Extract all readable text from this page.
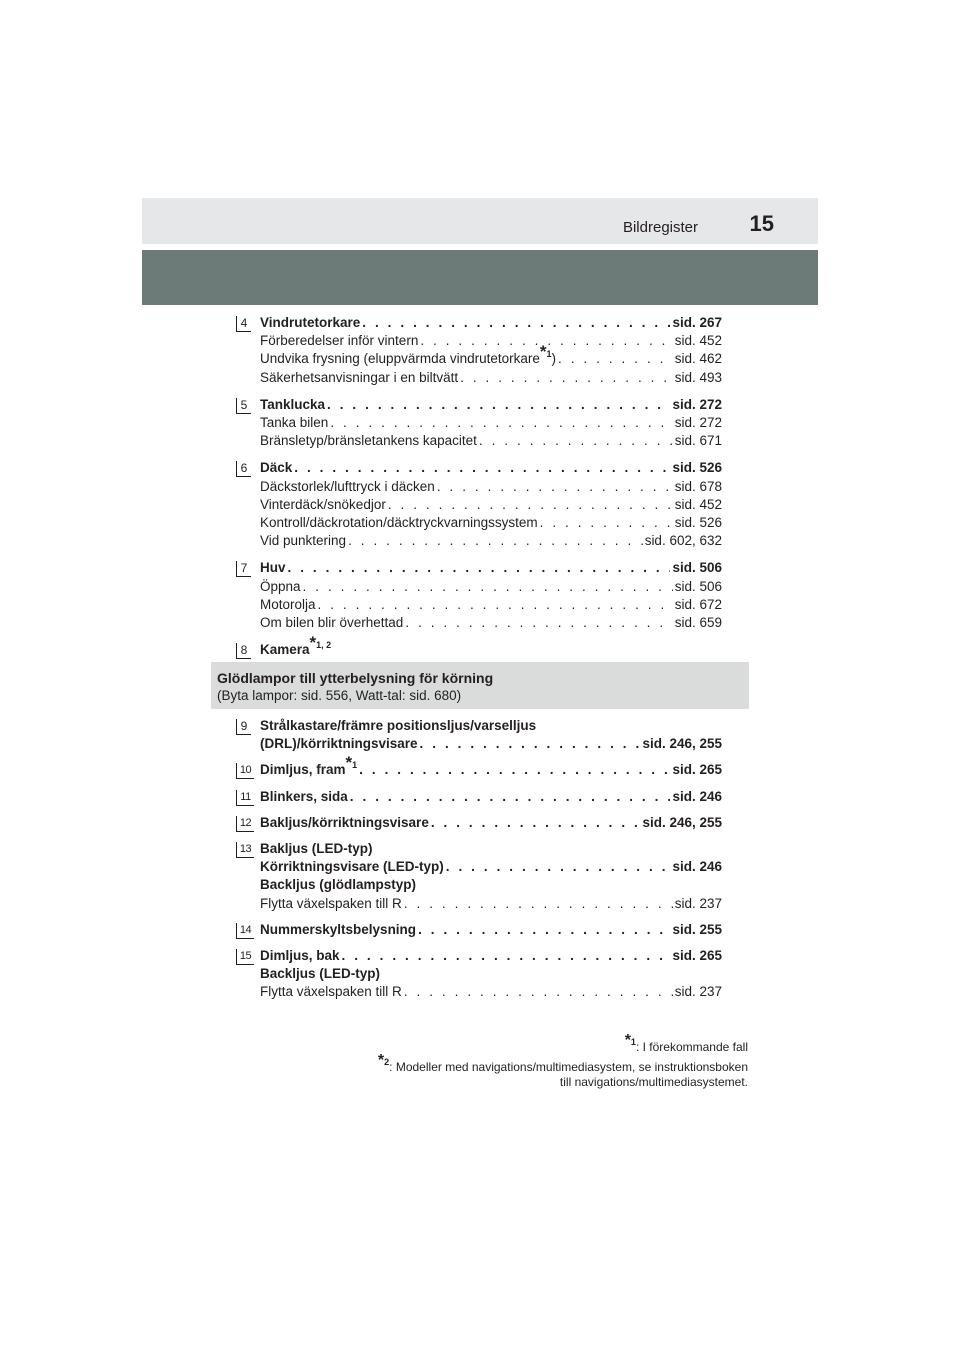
Bildregister 15
4 Vindrutetorkare . . .	sid. 267
Förberedelser inför vintern . . .	sid. 452
Undvika frysning (eluppvärmda vindrutetorkare$^{*1}$) . . .	sid. 462
Säkerhetsanvisningar i en biltvätt . . .	sid. 493
5 Tanklucka . . .	sid. 272
Tanka bilen . . .	sid. 272
Bränsletyp/bränsletankens kapacitet . . .	sid. 671
6 Däck . . .	sid. 526
Däckstorlek/lufttryck i däcken . . .	sid. 678
Vinterdäck/snökedjor . . .	sid. 452
Kontroll/däckrotation/däcktryckvarningssystem . . .	sid. 526
Vid punktering . . .	sid. 602, 632
7 Huv . . .	sid. 506
Öppna . . .	sid. 506
Motorolja . . .	sid. 672
Om bilen blir överhettad . . .	sid. 659
8 Kamera$^{*1, 2}$
Glödlampor till ytterbelysning för körning
(Byta lampor: sid. 556, Watt-tal: sid. 680)
9 Strålkastare/främre positionsljus/varselljus
(DRL)/körriktningsvisare . . .	sid. 246, 255
10 Dimljus, fram$^{*1}$ . . .	sid. 265
11 Blinkers, sida . . .	sid. 246
12 Bakljus/körriktningsvisare . . .	sid. 246, 255
13 Bakljus (LED-typ)
Körriktningsvisare (LED-typ) . . .	sid. 246
Backljus (glödlampstyp)
Flytta växelspaken till R . . .	sid. 237
14 Nummerskyltsbelysning . . .	sid. 255
15 Dimljus, bak . . .	sid. 265
Backljus (LED-typ)
Flytta växelspaken till R . . .	sid. 237
$^{*1}$: I förekommande fall
$^{*2}$: Modeller med navigations/multimediasystem, se instruktionsboken
till navigations/multimediasystemet.
